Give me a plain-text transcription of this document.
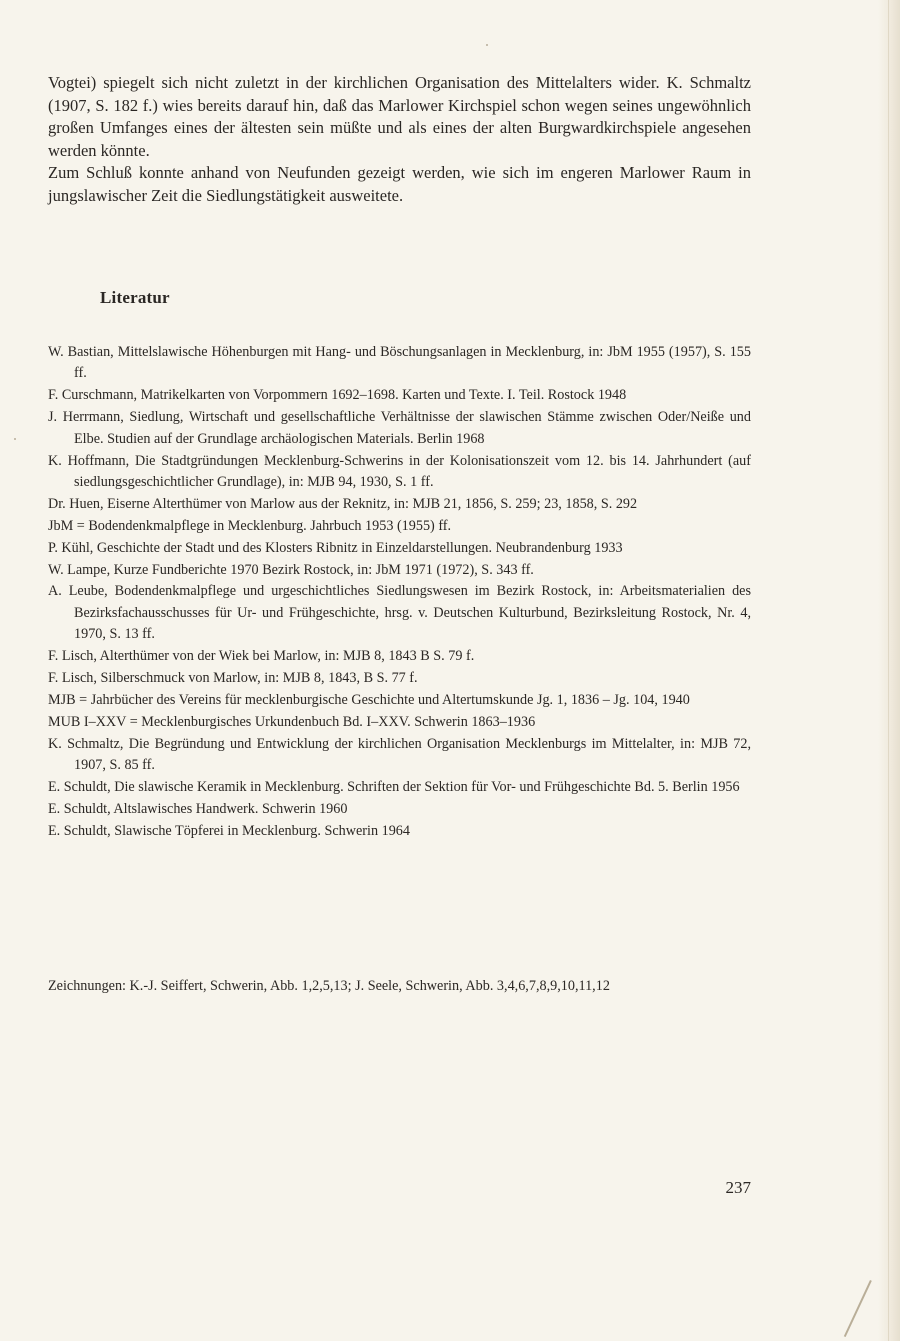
Vogtei) spiegelt sich nicht zuletzt in der kirchlichen Organisation des Mittelalters wider. K. Schmaltz (1907, S. 182 f.) wies bereits darauf hin, daß das Marlower Kirchspiel schon wegen seines ungewöhnlich großen Umfanges eines der ältesten sein müßte und als eines der alten Burgwardkirchspiele angesehen werden könnte.

Zum Schluß konnte anhand von Neufunden gezeigt werden, wie sich im engeren Marlower Raum in jungslawischer Zeit die Siedlungstätigkeit ausweitete.

Literatur
W. Bastian, Mittelslawische Höhenburgen mit Hang- und Böschungsanlagen in Mecklenburg, in: JbM 1955 (1957), S. 155 ff.
F. Curschmann, Matrikelkarten von Vorpommern 1692–1698. Karten und Texte. I. Teil. Rostock 1948
J. Herrmann, Siedlung, Wirtschaft und gesellschaftliche Verhältnisse der slawischen Stämme zwischen Oder/Neiße und Elbe. Studien auf der Grundlage archäologischen Materials. Berlin 1968
K. Hoffmann, Die Stadtgründungen Mecklenburg-Schwerins in der Kolonisationszeit vom 12. bis 14. Jahrhundert (auf siedlungsgeschichtlicher Grundlage), in: MJB 94, 1930, S. 1 ff.
Dr. Huen, Eiserne Alterthümer von Marlow aus der Reknitz, in: MJB 21, 1856, S. 259; 23, 1858, S. 292
JbM = Bodendenkmalpflege in Mecklenburg. Jahrbuch 1953 (1955) ff.
P. Kühl, Geschichte der Stadt und des Klosters Ribnitz in Einzeldarstellungen. Neubrandenburg 1933
W. Lampe, Kurze Fundberichte 1970 Bezirk Rostock, in: JbM 1971 (1972), S. 343 ff.
A. Leube, Bodendenkmalpflege und urgeschichtliches Siedlungswesen im Bezirk Rostock, in: Arbeitsmaterialien des Bezirksfachausschusses für Ur- und Frühgeschichte, hrsg. v. Deutschen Kulturbund, Bezirksleitung Rostock, Nr. 4, 1970, S. 13 ff.
F. Lisch, Alterthümer von der Wiek bei Marlow, in: MJB 8, 1843 B S. 79 f.
F. Lisch, Silberschmuck von Marlow, in: MJB 8, 1843, B S. 77 f.
MJB = Jahrbücher des Vereins für mecklenburgische Geschichte und Altertumskunde Jg. 1, 1836 – Jg. 104, 1940
MUB I–XXV = Mecklenburgisches Urkundenbuch Bd. I–XXV. Schwerin 1863–1936
K. Schmaltz, Die Begründung und Entwicklung der kirchlichen Organisation Mecklenburgs im Mittelalter, in: MJB 72, 1907, S. 85 ff.
E. Schuldt, Die slawische Keramik in Mecklenburg. Schriften der Sektion für Vor- und Frühgeschichte Bd. 5. Berlin 1956
E. Schuldt, Altslawisches Handwerk. Schwerin 1960
E. Schuldt, Slawische Töpferei in Mecklenburg. Schwerin 1964

Zeichnungen: K.-J. Seiffert, Schwerin, Abb. 1,2,5,13; J. Seele, Schwerin, Abb. 3,4,6,7,8,9,10,11,12

237
